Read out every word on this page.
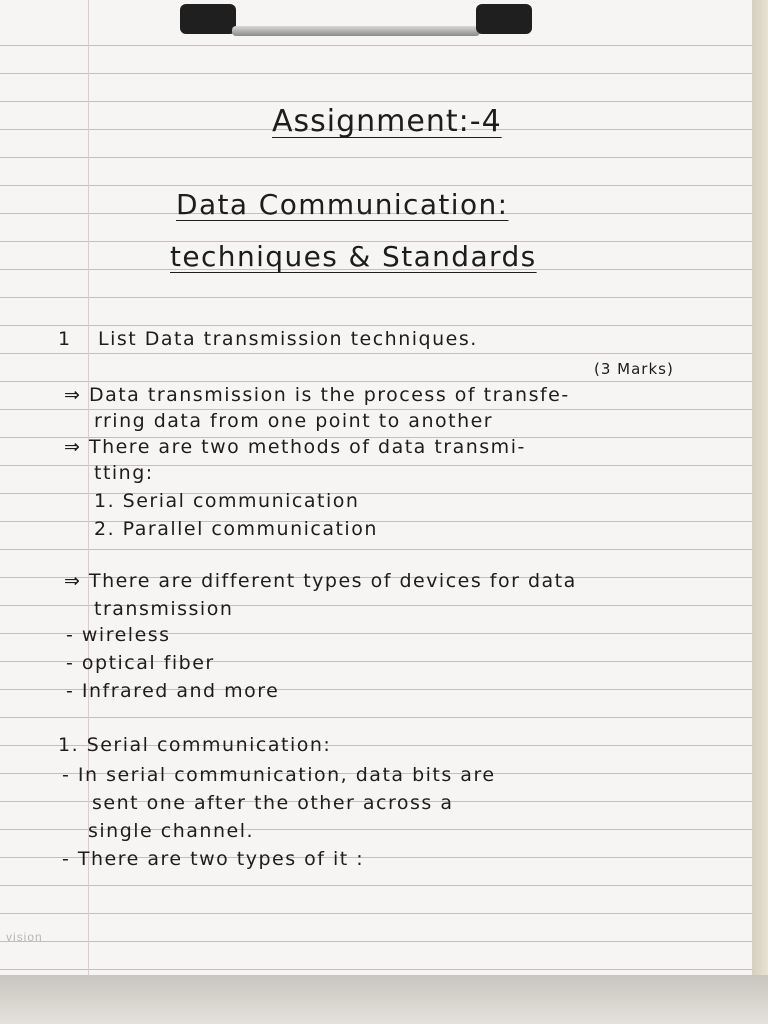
Assignment:-4
Data Communication:
techniques & Standards
1 List Data transmission techniques.
(3 Marks)
⇒ Data transmission is the process of transfe-
rring data from one point to another
⇒ There are two methods of data transmi-
tting:
1. Serial communication
2. Parallel communication
⇒ There are different types of devices for data
transmission
- wireless
- optical fiber
- Infrared and more
1. Serial communication:
- In serial communication, data bits are
sent one after the other across a
single channel.
- There are two types of it :
vision
